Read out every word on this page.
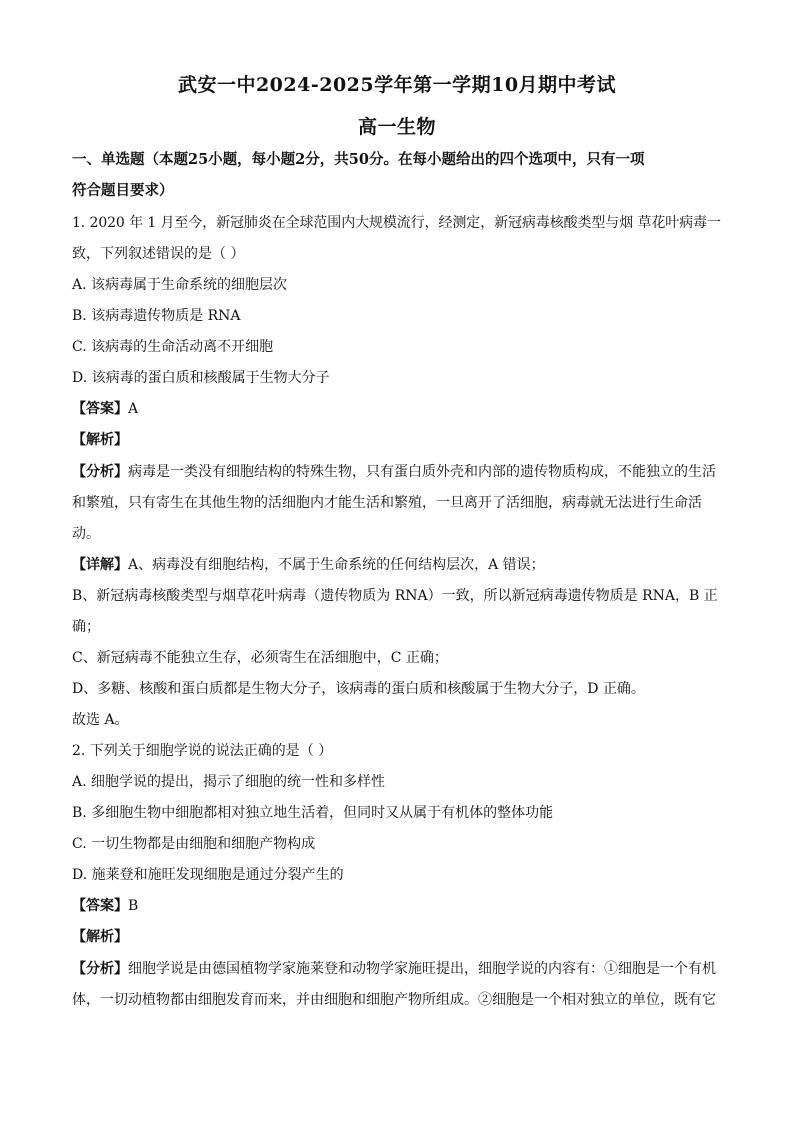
武安一中2024-2025学年第一学期10月期中考试
高一生物
一、单选题（本题25小题，每小题2分，共50分。在每小题给出的四个选项中，只有一项
符合题目要求）
1. 2020 年 1 月至今，新冠肺炎在全球范围内大规模流行，经测定，新冠病毒核酸类型与烟 草花叶病毒一
致，下列叙述错误的是（ ）
A. 该病毒属于生命系统的细胞层次
B. 该病毒遗传物质是 RNA
C. 该病毒的生命活动离不开细胞
D. 该病毒的蛋白质和核酸属于生物大分子
【答案】A
【解析】
【分析】病毒是一类没有细胞结构的特殊生物，只有蛋白质外壳和内部的遗传物质构成，不能独立的生活
和繁殖，只有寄生在其他生物的活细胞内才能生活和繁殖，一旦离开了活细胞，病毒就无法进行生命活
动。
【详解】A、病毒没有细胞结构，不属于生命系统的任何结构层次，A 错误；
B、新冠病毒核酸类型与烟草花叶病毒（遗传物质为 RNA）一致，所以新冠病毒遗传物质是 RNA，B 正
确；
C、新冠病毒不能独立生存，必须寄生在活细胞中，C 正确；
D、多糖、核酸和蛋白质都是生物大分子，该病毒的蛋白质和核酸属于生物大分子，D 正确。
故选 A。
2. 下列关于细胞学说的说法正确的是（ ）
A. 细胞学说的提出，揭示了细胞的统一性和多样性
B. 多细胞生物中细胞都相对独立地生活着，但同时又从属于有机体的整体功能
C. 一切生物都是由细胞和细胞产物构成
D. 施莱登和施旺发现细胞是通过分裂产生的
【答案】B
【解析】
【分析】细胞学说是由德国植物学家施莱登和动物学家施旺提出，细胞学说的内容有：①细胞是一个有机
体，一切动植物都由细胞发育而来，并由细胞和细胞产物所组成。②细胞是一个相对独立的单位，既有它
